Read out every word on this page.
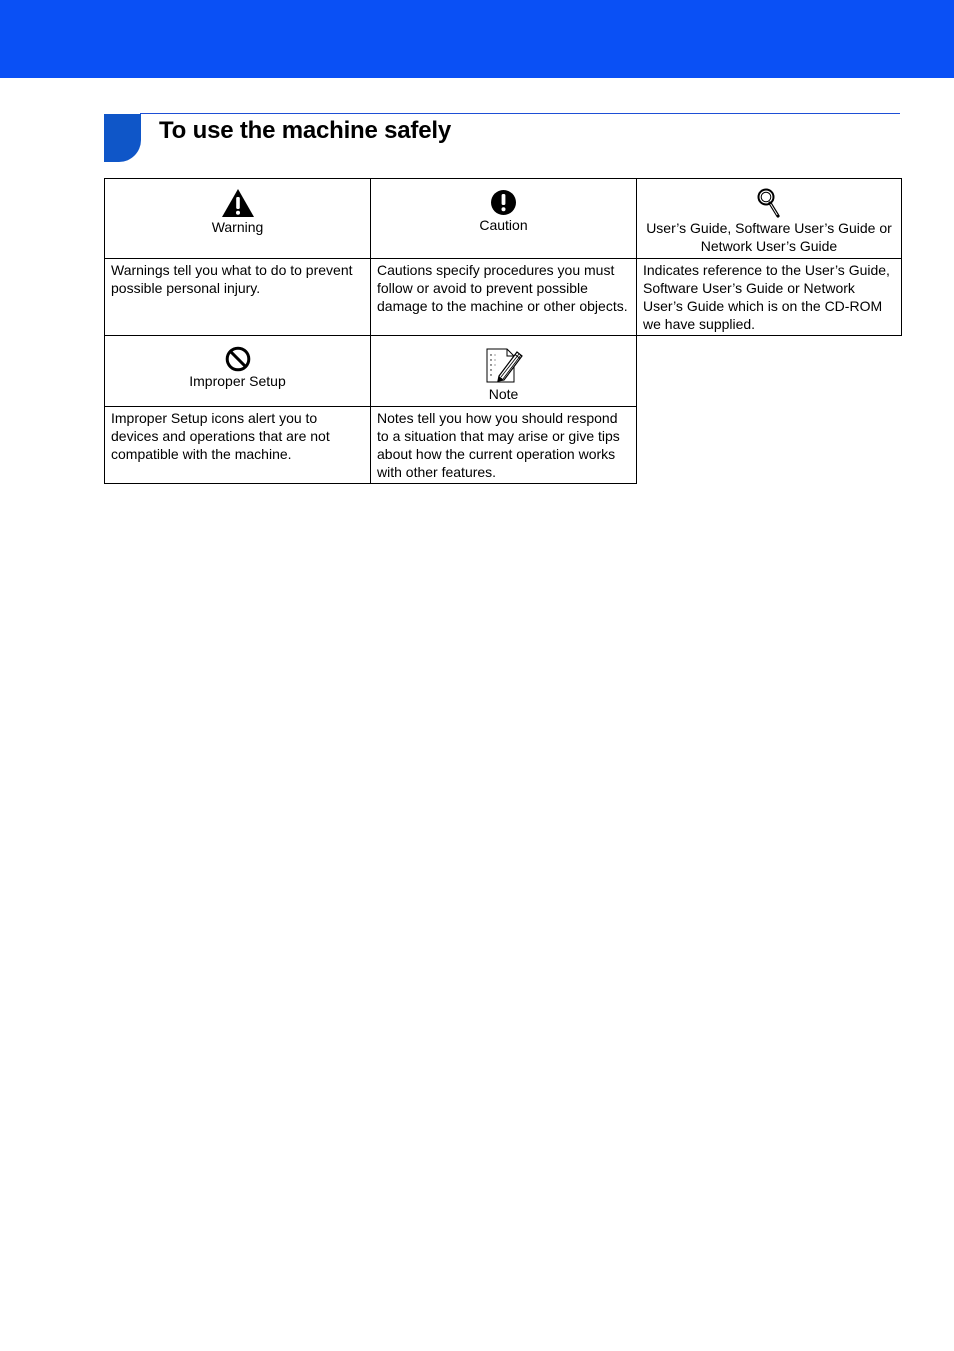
To use the machine safely
Warning	Caution	User’s Guide, Software User’s Guide or
Network User’s Guide
Warnings tell you what to do to prevent possible personal injury.
Cautions specify procedures you must follow or avoid to prevent possible damage to the machine or other objects.
Indicates reference to the User’s Guide, Software User’s Guide or Network User’s Guide which is on the CD-ROM we have supplied.
Improper Setup
Note
Improper Setup icons alert you to devices and operations that are not compatible with the machine.
Notes tell you how you should respond to a situation that may arise or give tips about how the current operation works with other features.
